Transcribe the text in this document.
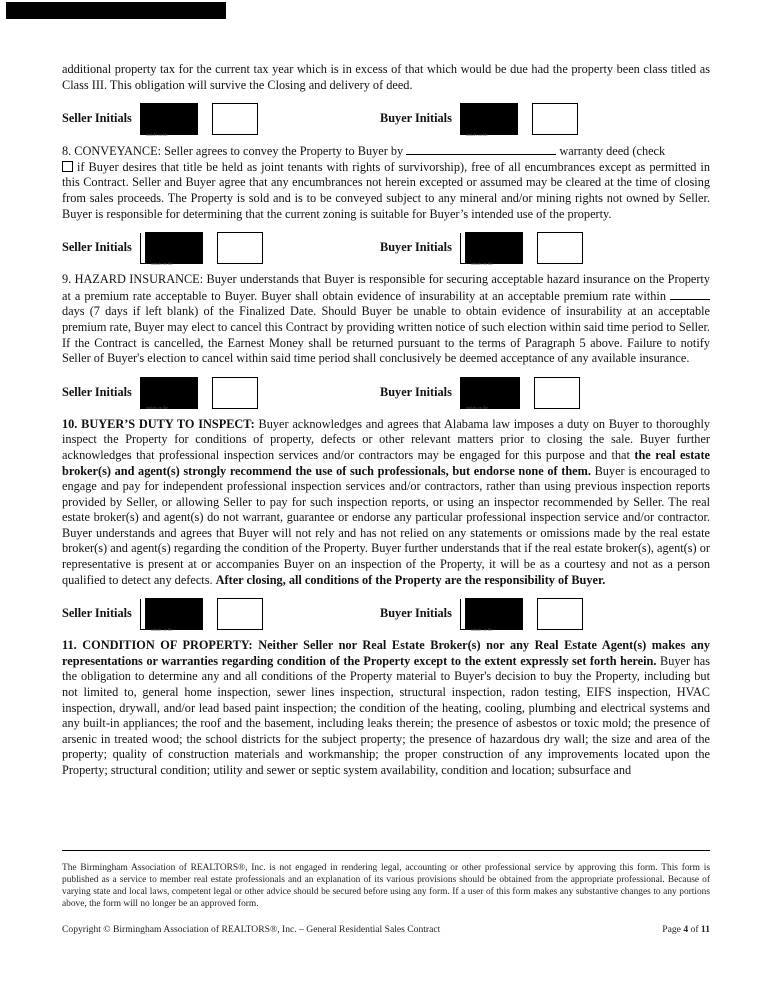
additional property tax for the current tax year which is in excess of that which would be due had the property been class titled as Class III. This obligation will survive the Closing and delivery of deed.

Seller Initials
initials on file
Buyer Initials
initials on file

8. CONVEYANCE: Seller agrees to convey the Property to Buyer by	warranty deed (check
if Buyer desires that title be held as joint tenants with rights of survivorship), free of all encumbrances except as permitted in this Contract. Seller and Buyer agree that any encumbrances not herein excepted or assumed may be cleared at the time of closing from sales proceeds. The Property is sold and is to be conveyed subject to any mineral and/or mining rights not owned by Seller. Buyer is responsible for determining that the current zoning is suitable for Buyer’s intended use of the property.

Seller Initials
initials on file
Buyer Initials
initials on file

9. HAZARD INSURANCE: Buyer understands that Buyer is responsible for securing acceptable hazard insurance on the Property at a premium rate acceptable to Buyer. Buyer shall obtain evidence of insurability at an acceptable premium rate within  days (7 days if left blank) of the Finalized Date. Should Buyer be unable to obtain evidence of insurability at an acceptable premium rate, Buyer may elect to cancel this Contract by providing written notice of such election within said time period to Seller. If the Contract is cancelled, the Earnest Money shall be returned pursuant to the terms of Paragraph 5 above. Failure to notify Seller of Buyer's election to cancel within said time period shall conclusively be deemed acceptance of any available insurance.

Seller Initials
initials on file
Buyer Initials
initials on file

10. BUYER’S DUTY TO INSPECT: Buyer acknowledges and agrees that Alabama law imposes a duty on Buyer to thoroughly inspect the Property for conditions of property, defects or other relevant matters prior to closing the sale. Buyer further acknowledges that professional inspection services and/or contractors may be engaged for this purpose and that the real estate broker(s) and agent(s) strongly recommend the use of such professionals, but endorse none of them. Buyer is encouraged to engage and pay for independent professional inspection services and/or contractors, rather than using previous inspection reports provided by Seller, or allowing Seller to pay for such inspection reports, or using an inspector recommended by Seller. The real estate broker(s) and agent(s) do not warrant, guarantee or endorse any particular professional inspection service and/or contractor. Buyer understands and agrees that Buyer will not rely and has not relied on any statements or omissions made by the real estate broker(s) and agent(s) regarding the condition of the Property. Buyer further understands that if the real estate broker(s), agent(s) or representative is present at or accompanies Buyer on an inspection of the Property, it will be as a courtesy and not as a person qualified to detect any defects. After closing, all conditions of the Property are the responsibility of Buyer.

Seller Initials
initials on file
Buyer Initials
initials on file

11. CONDITION OF PROPERTY: Neither Seller nor Real Estate Broker(s) nor any Real Estate Agent(s) makes any representations or warranties regarding condition of the Property except to the extent expressly set forth herein. Buyer has the obligation to determine any and all conditions of the Property material to Buyer's decision to buy the Property, including but not limited to, general home inspection, sewer lines inspection, structural inspection, radon testing, EIFS inspection, HVAC inspection, drywall, and/or lead based paint inspection; the condition of the heating, cooling, plumbing and electrical systems and any built-in appliances; the roof and the basement, including leaks therein; the presence of asbestos or toxic mold; the presence of arsenic in treated wood; the school districts for the subject property; the presence of hazardous dry wall; the size and area of the property; quality of construction materials and workmanship; the proper construction of any improvements located upon the Property; structural condition; utility and sewer or septic system availability, condition and location; subsurface and

The Birmingham Association of REALTORS®, Inc. is not engaged in rendering legal, accounting or other professional service by approving this form. This form is published as a service to member real estate professionals and an explanation of its various provisions should be obtained from the appropriate professional. Because of varying state and local laws, competent legal or other advice should be secured before using any form. If a user of this form makes any substantive changes to any portions above, the form will no longer be an approved form.
Copyright © Birmingham Association of REALTORS®, Inc. – General Residential Sales Contract	Page 4 of 11
